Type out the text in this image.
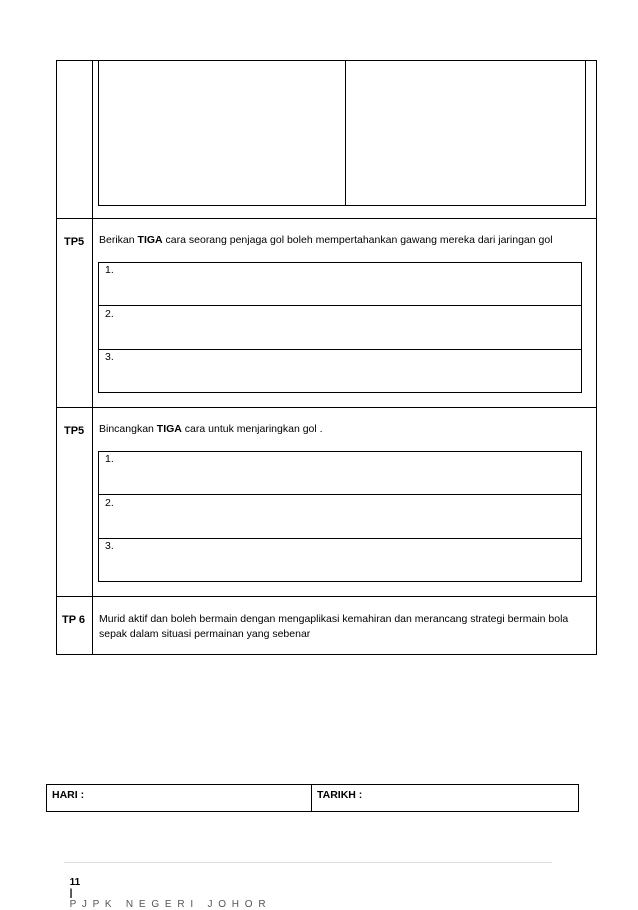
TP5 Berikan TIGA cara seorang penjaga gol boleh mempertahankan gawang mereka dari jaringan gol
1.
2.
3.
TP5 Bincangkan TIGA cara untuk menjaringkan gol .
1.
2.
3.
TP 6 Murid aktif dan boleh bermain dengan mengaplikasi kemahiran dan merancang strategi bermain bola sepak dalam situasi permainan yang sebenar
HARI :	TARIKH :

11
|
P J P K   N E G E R I   J O H O R
